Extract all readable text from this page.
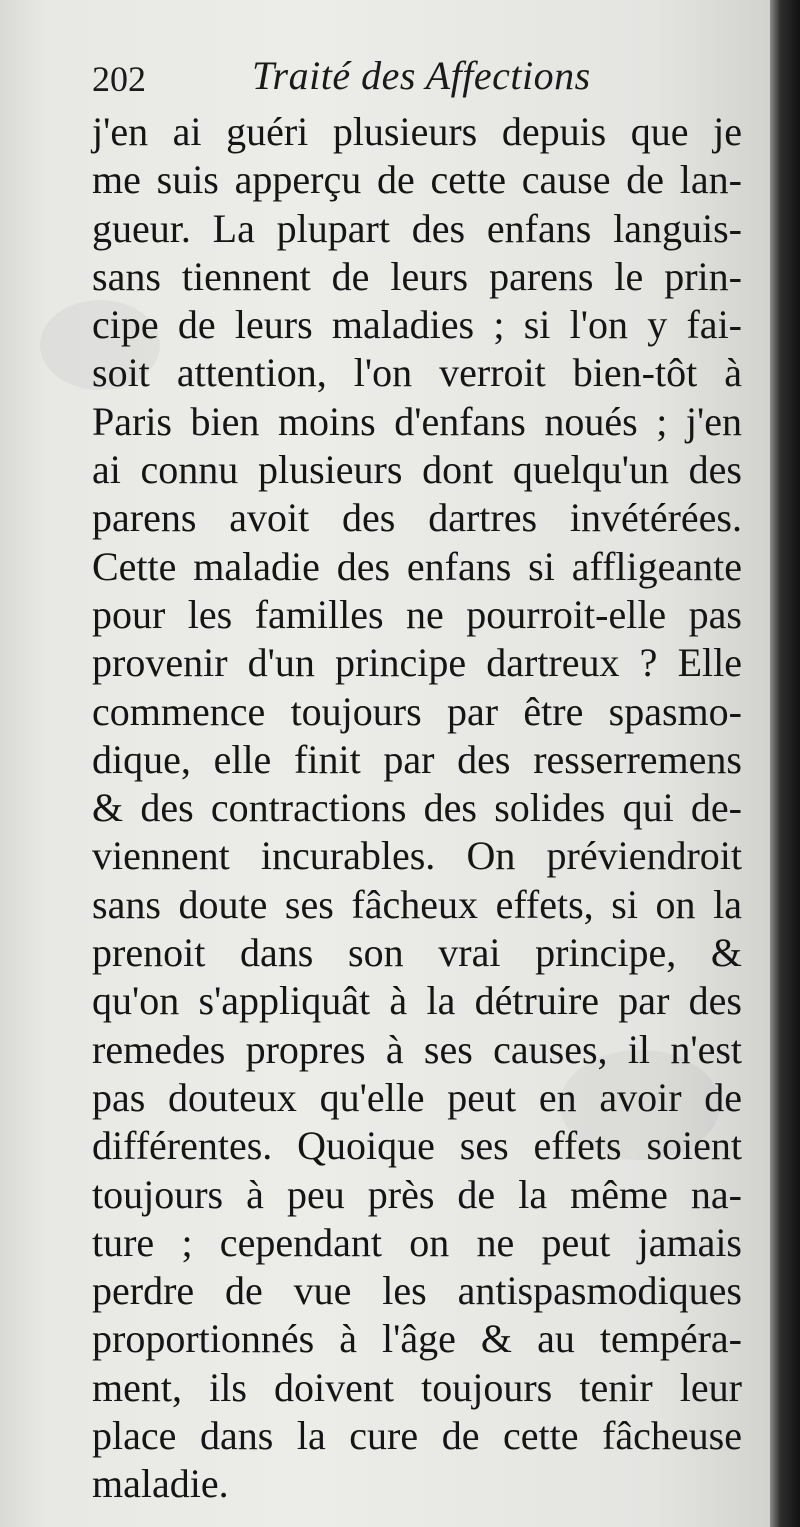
202	Traité des Affections
j'en ai guéri plusieurs depuis que je
me suis apperçu de cette cause de lan-
gueur. La plupart des enfans languis-
sans tiennent de leurs parens le prin-
cipe de leurs maladies ; si l'on y fai-
soit attention, l'on verroit bien-tôt à
Paris bien moins d'enfans noués ; j'en
ai connu plusieurs dont quelqu'un des
parens avoit des dartres invétérées.
Cette maladie des enfans si affligeante
pour les familles ne pourroit-elle pas
provenir d'un principe dartreux ? Elle
commence toujours par être spasmo-
dique, elle finit par des resserremens
& des contractions des solides qui de-
viennent incurables. On préviendroit
sans doute ses fâcheux effets, si on la
prenoit dans son vrai principe, &
qu'on s'appliquât à la détruire par des
remedes propres à ses causes, il n'est
pas douteux qu'elle peut en avoir de
différentes. Quoique ses effets soient
toujours à peu près de la même na-
ture ; cependant on ne peut jamais
perdre de vue les antispasmodiques
proportionnés à l'âge & au tempéra-
ment, ils doivent toujours tenir leur
place dans la cure de cette fâcheuse
maladie.
